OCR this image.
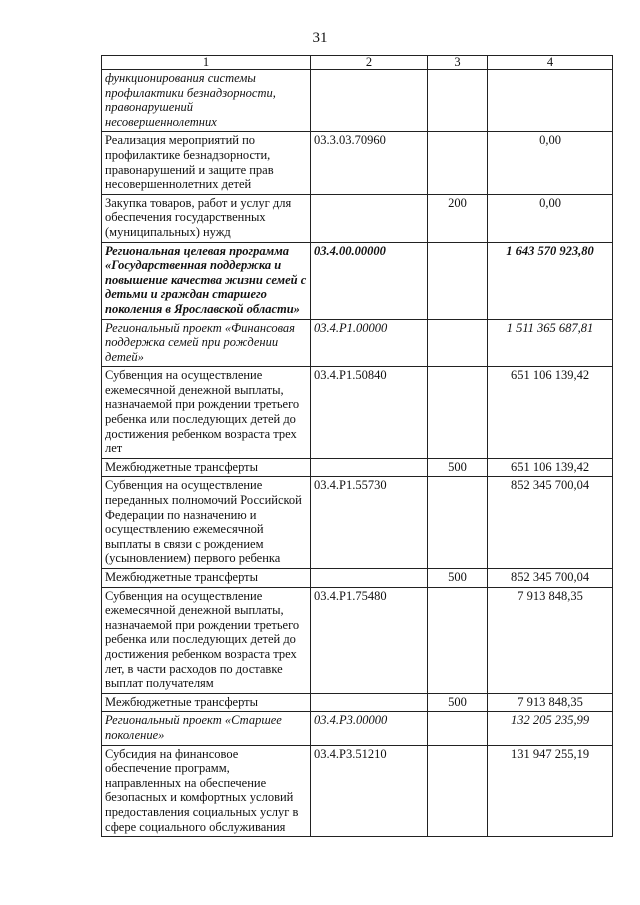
31
1	2	3	4
функционирования системы профилактики безнадзорности, правонарушений несовершеннолетних			
Реализация мероприятий по профилактике безнадзорности, правонарушений и защите прав несовершеннолетних детей	03.3.03.70960		0,00
Закупка товаров, работ и услуг для обеспечения государственных (муниципальных) нужд		200	0,00
Региональная целевая программа «Государственная поддержка и повышение качества жизни семей с детьми и граждан старшего поколения в Ярославской области»	03.4.00.00000		1 643 570 923,80
Региональный проект «Финансовая поддержка семей при рождении детей»	03.4.P1.00000		1 511 365 687,81
Субвенция на осуществление ежемесячной денежной выплаты, назначаемой при рождении третьего ребенка или последующих детей до достижения ребенком возраста трех лет	03.4.P1.50840		651 106 139,42
Межбюджетные трансферты		500	651 106 139,42
Субвенция на осуществление переданных полномочий Российской Федерации по назначению и осуществлению ежемесячной выплаты в связи с рождением (усыновлением) первого ребенка	03.4.P1.55730		852 345 700,04
Межбюджетные трансферты		500	852 345 700,04
Субвенция на осуществление ежемесячной денежной выплаты, назначаемой при рождении третьего ребенка или последующих детей до достижения ребенком возраста трех лет, в части расходов по доставке выплат получателям	03.4.P1.75480		7 913 848,35
Межбюджетные трансферты		500	7 913 848,35
Региональный проект «Старшее поколение»	03.4.P3.00000		132 205 235,99
Субсидия на финансовое обеспечение программ, направленных на обеспечение безопасных и комфортных условий предоставления социальных услуг в сфере социального обслуживания	03.4.P3.51210		131 947 255,19
